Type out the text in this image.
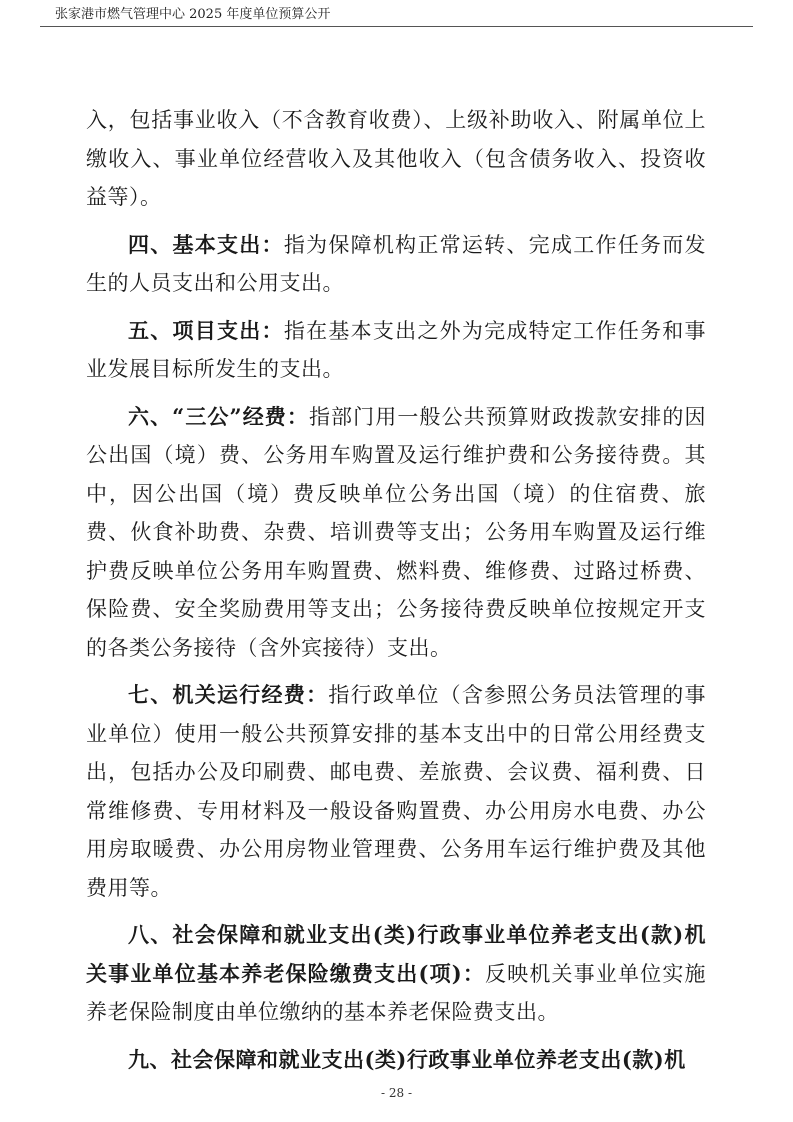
张家港市燃气管理中心 2025 年度单位预算公开

入，包括事业收入（不含教育收费）、上级补助收入、附属单位上缴收入、事业单位经营收入及其他收入（包含债务收入、投资收益等）。

四、基本支出：指为保障机构正常运转、完成工作任务而发生的人员支出和公用支出。

五、项目支出：指在基本支出之外为完成特定工作任务和事业发展目标所发生的支出。

六、“三公”经费：指部门用一般公共预算财政拨款安排的因公出国（境）费、公务用车购置及运行维护费和公务接待费。其中，因公出国（境）费反映单位公务出国（境）的住宿费、旅费、伙食补助费、杂费、培训费等支出；公务用车购置及运行维护费反映单位公务用车购置费、燃料费、维修费、过路过桥费、保险费、安全奖励费用等支出；公务接待费反映单位按规定开支的各类公务接待（含外宾接待）支出。

七、机关运行经费：指行政单位（含参照公务员法管理的事业单位）使用一般公共预算安排的基本支出中的日常公用经费支出，包括办公及印刷费、邮电费、差旅费、会议费、福利费、日常维修费、专用材料及一般设备购置费、办公用房水电费、办公用房取暖费、办公用房物业管理费、公务用车运行维护费及其他费用等。

八、社会保障和就业支出(类)行政事业单位养老支出(款)机关事业单位基本养老保险缴费支出(项)：反映机关事业单位实施养老保险制度由单位缴纳的基本养老保险费支出。

九、社会保障和就业支出(类)行政事业单位养老支出(款)机

- 28 -
